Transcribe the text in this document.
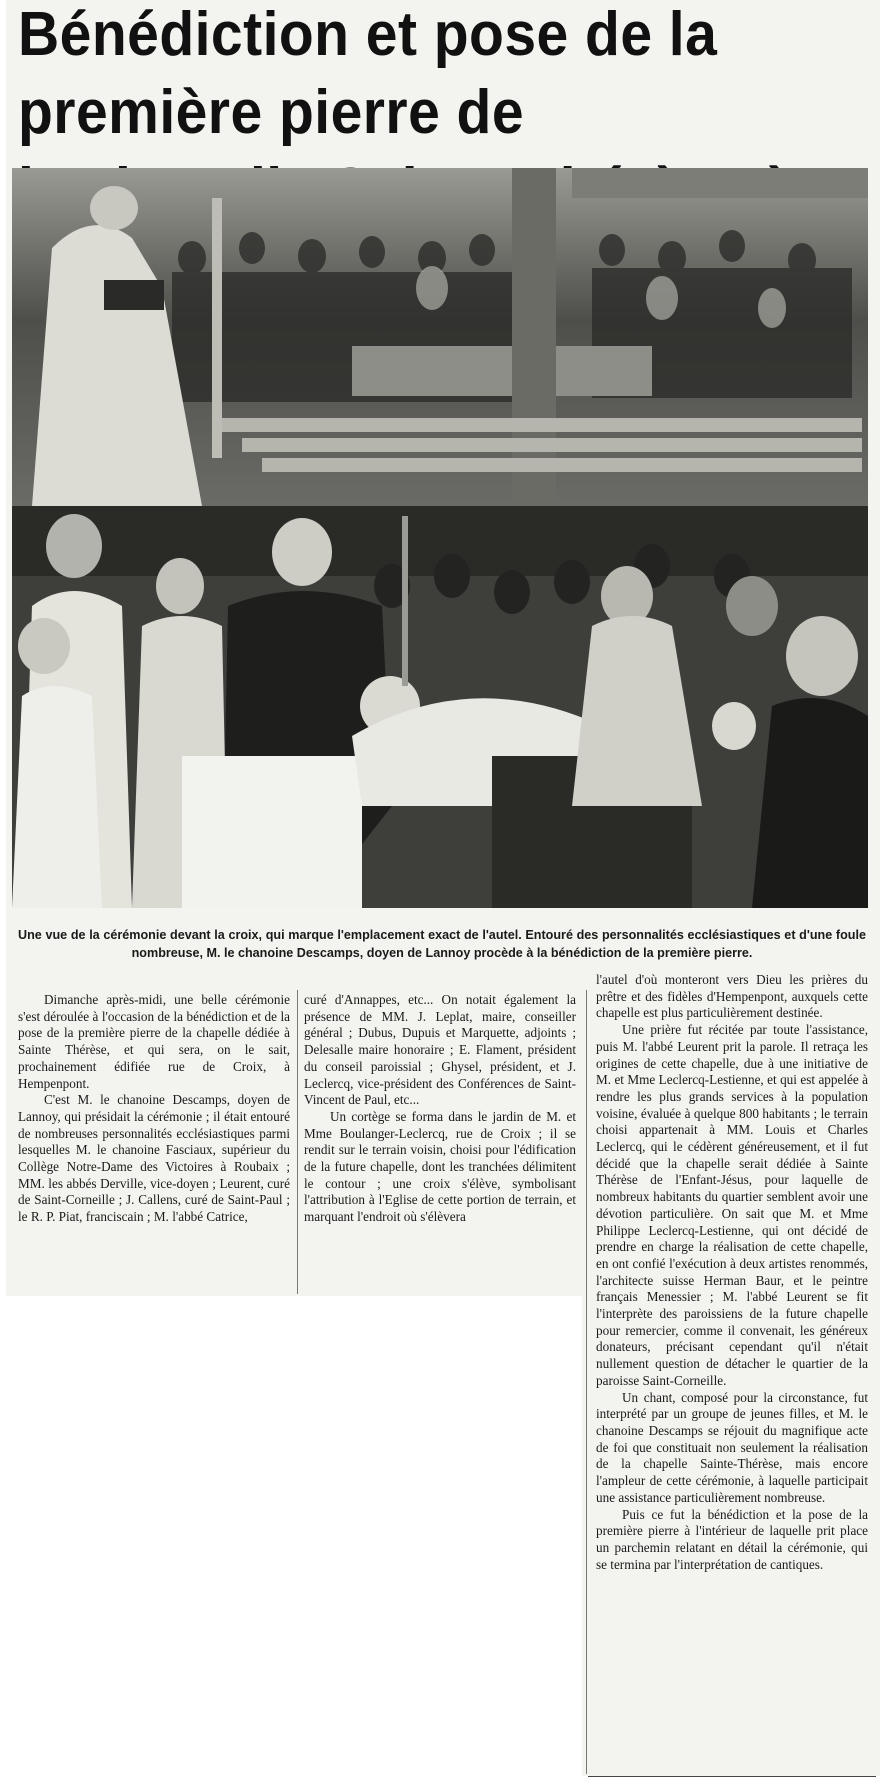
Bénédiction et pose de la première pierre de

Une vue de la cérémonie devant la croix, qui marque l'emplacement exact de l'autel. Entouré des personnalités ecclésiastiques et d'une foule nombreuse, M. le chanoine Descamps, doyen de Lannoy procède à la bénédiction de la première pierre.

Dimanche après-midi, une belle cérémonie s'est déroulée à l'occasion de la bénédiction et de la pose de la première pierre de la chapelle dédiée à Sainte Thérèse, et qui sera, on le sait, prochainement édifiée rue de Croix, à Hempenpont.

C'est M. le chanoine Descamps, doyen de Lannoy, qui présidait la cérémonie ; il était entouré de nombreuses personnalités ecclésiastiques parmi lesquelles M. le chanoine Fasciaux, supérieur du Collège Notre-Dame des Victoires à Roubaix ; MM. les abbés Derville, vice-doyen ; Leurent, curé de Saint-Corneille ; J. Callens, curé de Saint-Paul ; le R. P. Piat, franciscain ; M. l'abbé Catrice,

curé d'Annappes, etc... On notait également la présence de MM. J. Leplat, maire, conseiller général ; Dubus, Dupuis et Marquette, adjoints ; Delesalle maire honoraire ; E. Flament, président du conseil paroissial ; Ghysel, président, et J. Leclercq, vice-président des Conférences de Saint-Vincent de Paul, etc...

Un cortège se forma dans le jardin de M. et Mme Boulanger-Leclercq, rue de Croix ; il se rendit sur le terrain voisin, choisi pour l'édification de la future chapelle, dont les tranchées délimitent le contour ; une croix s'élève, symbolisant l'attribution à l'Eglise de cette portion de terrain, et marquant l'endroit où s'élèvera

l'autel d'où monteront vers Dieu les prières du prêtre et des fidèles d'Hempenpont, auxquels cette chapelle est plus particulièrement destinée.

Une prière fut récitée par toute l'assistance, puis M. l'abbé Leurent prit la parole. Il retraça les origines de cette chapelle, due à une initiative de M. et Mme Leclercq-Lestienne, et qui est appelée à rendre les plus grands services à la population voisine, évaluée à quelque 800 habitants ; le terrain choisi appartenait à MM. Louis et Charles Leclercq, qui le cédèrent généreusement, et il fut décidé que la chapelle serait dédiée à Sainte Thérèse de l'Enfant-Jésus, pour laquelle de nombreux habitants du quartier semblent avoir une dévotion particulière. On sait que M. et Mme Philippe Leclercq-Lestienne, qui ont décidé de prendre en charge la réalisation de cette chapelle, en ont confié l'exécution à deux artistes renommés, l'architecte suisse Herman Baur, et le peintre français Menessier ; M. l'abbé Leurent se fit l'interprète des paroissiens de la future chapelle pour remercier, comme il convenait, les généreux donateurs, précisant cependant qu'il n'était nullement question de détacher le quartier de la paroisse Saint-Corneille.

Un chant, composé pour la circonstance, fut interprété par un groupe de jeunes filles, et M. le chanoine Descamps se réjouit du magnifique acte de foi que constituait non seulement la réalisation de la chapelle Sainte-Thérèse, mais encore l'ampleur de cette cérémonie, à laquelle participait une assistance particulièrement nombreuse.

Puis ce fut la bénédiction et la pose de la première pierre à l'intérieur de laquelle prit place un parchemin relatant en détail la cérémonie, qui se termina par l'interprétation de cantiques.
